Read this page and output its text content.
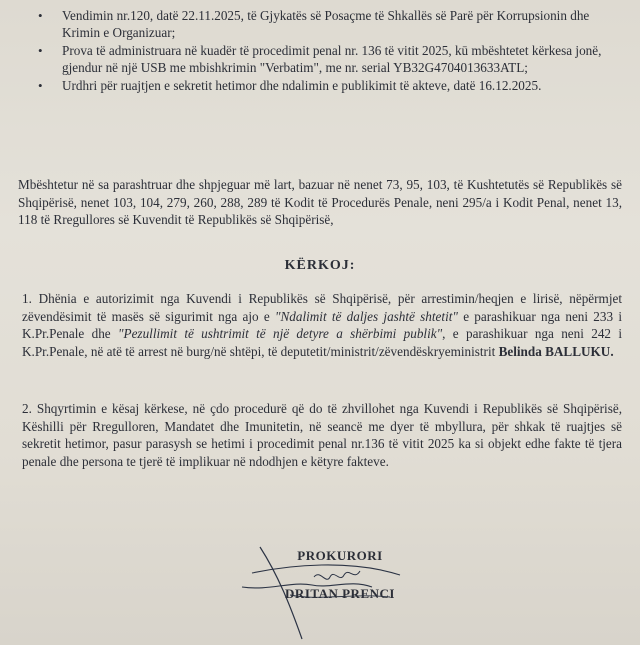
• Vendimin nr.120, datë 22.11.2025, të Gjykatës së Posaçme të Shkallës së Parë për Korrupsionin dhe Krimin e Organizuar;
• Prova të administruara në kuadër të procedimit penal nr. 136 të vitit 2025, kū mbështetet kërkesa jonë, gjendur në një USB me mbishkrimin "Verbatim", me nr. serial YB32G4704013633ATL;
• Urdhri për ruajtjen e sekretit hetimor dhe ndalimin e publikimit të akteve, datë 16.12.2025.
Mbështetur në sa parashtruar dhe shpjeguar më lart, bazuar në nenet 73, 95, 103, të Kushtetutës së Republikës së Shqipërisë, nenet 103, 104, 279, 260, 288, 289 të Kodit të Procedurës Penale, neni 295/a i Kodit Penal, nenet 13, 118 të Rregullores së Kuvendit të Republikës së Shqipërisë,
KËRKOJ:
1. Dhënia e autorizimit nga Kuvendi i Republikës së Shqipërisë, për arrestimin/heqjen e lirisë, nëpërmjet zëvendësimit të masës së sigurimit nga ajo e "Ndalimit të daljes jashtë shtetit" e parashikuar nga neni 233 i K.Pr.Penale dhe "Pezullimit të ushtrimit të një detyre a shërbimi publik", e parashikuar nga neni 242 i K.Pr.Penale, në atë të arrest në burg/në shtëpi, të deputetit/ministrit/zëvendëskryeministrit Belinda BALLUKU.
2. Shqyrtimin e kësaj kërkese, në çdo procedurë që do të zhvillohet nga Kuvendi i Republikës së Shqipërisë, Këshilli për Rregulloren, Mandatet dhe Imunitetin, në seancë me dyer të mbyllura, për shkak të ruajtjes së sekretit hetimor, pasur parasysh se hetimi i procedimit penal nr.136 të vitit 2025 ka si objekt edhe fakte të tjera penale dhe persona te tjerë të implikuar në ndodhjen e këtyre fakteve.
PROKURORI
DRITAN PRENCI
